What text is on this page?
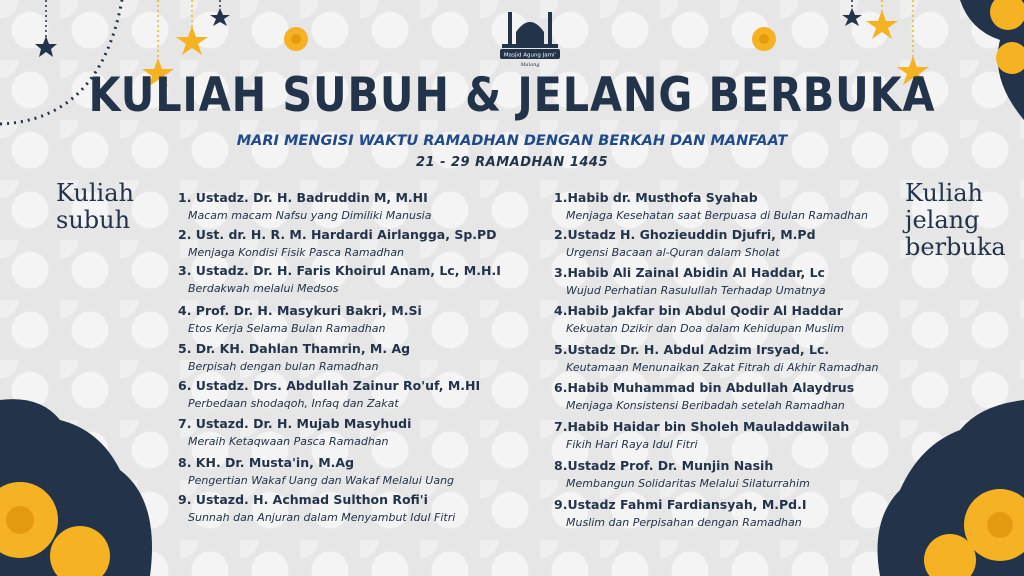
Masjid Agung Jami'
Malang
KULIAH SUBUH & JELANG BERBUKA
MARI MENGISI WAKTU RAMADHAN DENGAN BERKAH DAN MANFAAT
21 - 29 RAMADHAN 1445
Kuliah
subuh
Kuliah
jelang
berbuka
1. Ustadz. Dr. H. Badruddin M, M.HI
Macam macam Nafsu yang Dimiliki Manusia
2. Ust. dr. H. R. M. Hardardi Airlangga, Sp.PD
Menjaga Kondisi Fisik Pasca Ramadhan
3. Ustadz. Dr. H. Faris Khoirul Anam, Lc, M.H.I
Berdakwah melalui Medsos
4. Prof. Dr. H. Masykuri Bakri, M.Si
Etos Kerja Selama Bulan Ramadhan
5. Dr. KH. Dahlan Thamrin, M. Ag
Berpisah dengan bulan Ramadhan
6. Ustadz. Drs. Abdullah Zainur Ro'uf, M.HI
Perbedaan shodaqoh, Infaq dan Zakat
7. Ustazd. Dr. H. Mujab Masyhudi
Meraih Ketaqwaan Pasca Ramadhan
8. KH. Dr. Musta'in, M.Ag
Pengertian Wakaf Uang dan Wakaf Melalui Uang
9. Ustazd. H. Achmad Sulthon Rofi'i
Sunnah dan Anjuran dalam Menyambut Idul Fitri
1.Habib dr. Musthofa Syahab
Menjaga Kesehatan saat Berpuasa di Bulan Ramadhan
2.Ustadz H. Ghozieuddin Djufri, M.Pd
Urgensi Bacaan al-Quran dalam Sholat
3.Habib Ali Zainal Abidin Al Haddar, Lc
Wujud Perhatian Rasulullah Terhadap Umatnya
4.Habib Jakfar bin Abdul Qodir Al Haddar
Kekuatan Dzikir dan Doa dalam Kehidupan Muslim
5.Ustadz Dr. H. Abdul Adzim Irsyad, Lc.
Keutamaan Menunaikan Zakat Fitrah di Akhir Ramadhan
6.Habib Muhammad bin Abdullah Alaydrus
Menjaga Konsistensi Beribadah setelah Ramadhan
7.Habib Haidar bin Sholeh Mauladdawilah
Fikih Hari Raya Idul Fitri
8.Ustadz Prof. Dr. Munjin Nasih
Membangun Solidaritas Melalui Silaturrahim
9.Ustadz Fahmi Fardiansyah, M.Pd.I
Muslim dan Perpisahan dengan Ramadhan
